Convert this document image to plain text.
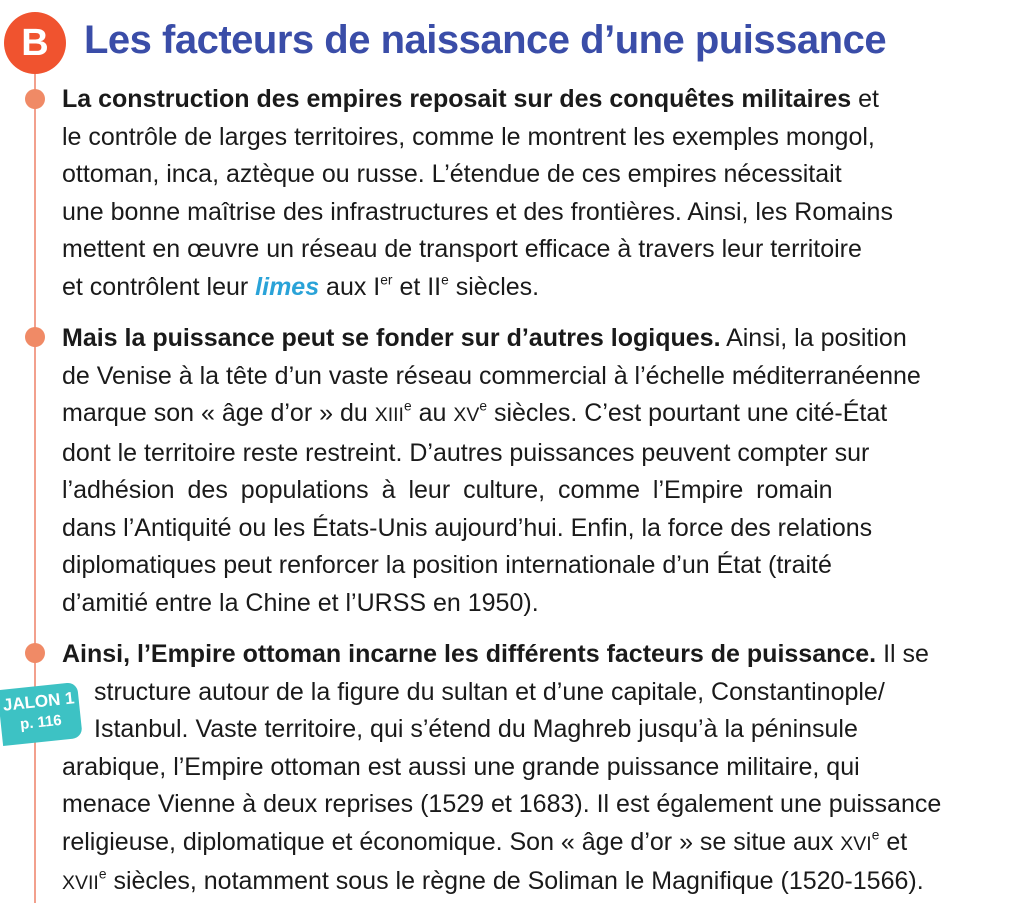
B Les facteurs de naissance d’une puissance
La construction des empires reposait sur des conquêtes militaires et
le contrôle de larges territoires, comme le montrent les exemples mongol,
ottoman, inca, aztèque ou russe. L’étendue de ces empires nécessitait
une bonne maîtrise des infrastructures et des frontières. Ainsi, les Romains
mettent en œuvre un réseau de transport efficace à travers leur territoire
et contrôlent leur limes aux Ier et IIe siècles.
Mais la puissance peut se fonder sur d’autres logiques. Ainsi, la position
de Venise à la tête d’un vaste réseau commercial à l’échelle méditerranéenne
marque son « âge d’or » du XIIIe au XVe siècles. C’est pourtant une cité-État
dont le territoire reste restreint. D’autres puissances peuvent compter sur
l’adhésion des populations à leur culture, comme l’Empire romain
dans l’Antiquité ou les États-Unis aujourd’hui. Enfin, la force des relations
diplomatiques peut renforcer la position internationale d’un État (traité
d’amitié entre la Chine et l’URSS en 1950).
JALON 1
p. 116
Ainsi, l’Empire ottoman incarne les différents facteurs de puissance. Il se
structure autour de la figure du sultan et d’une capitale, Constantinople/
Istanbul. Vaste territoire, qui s’étend du Maghreb jusqu’à la péninsule
arabique, l’Empire ottoman est aussi une grande puissance militaire, qui
menace Vienne à deux reprises (1529 et 1683). Il est également une puissance
religieuse, diplomatique et économique. Son « âge d’or » se situe aux XVIe et
XVIIe siècles, notamment sous le règne de Soliman le Magnifique (1520-1566).
